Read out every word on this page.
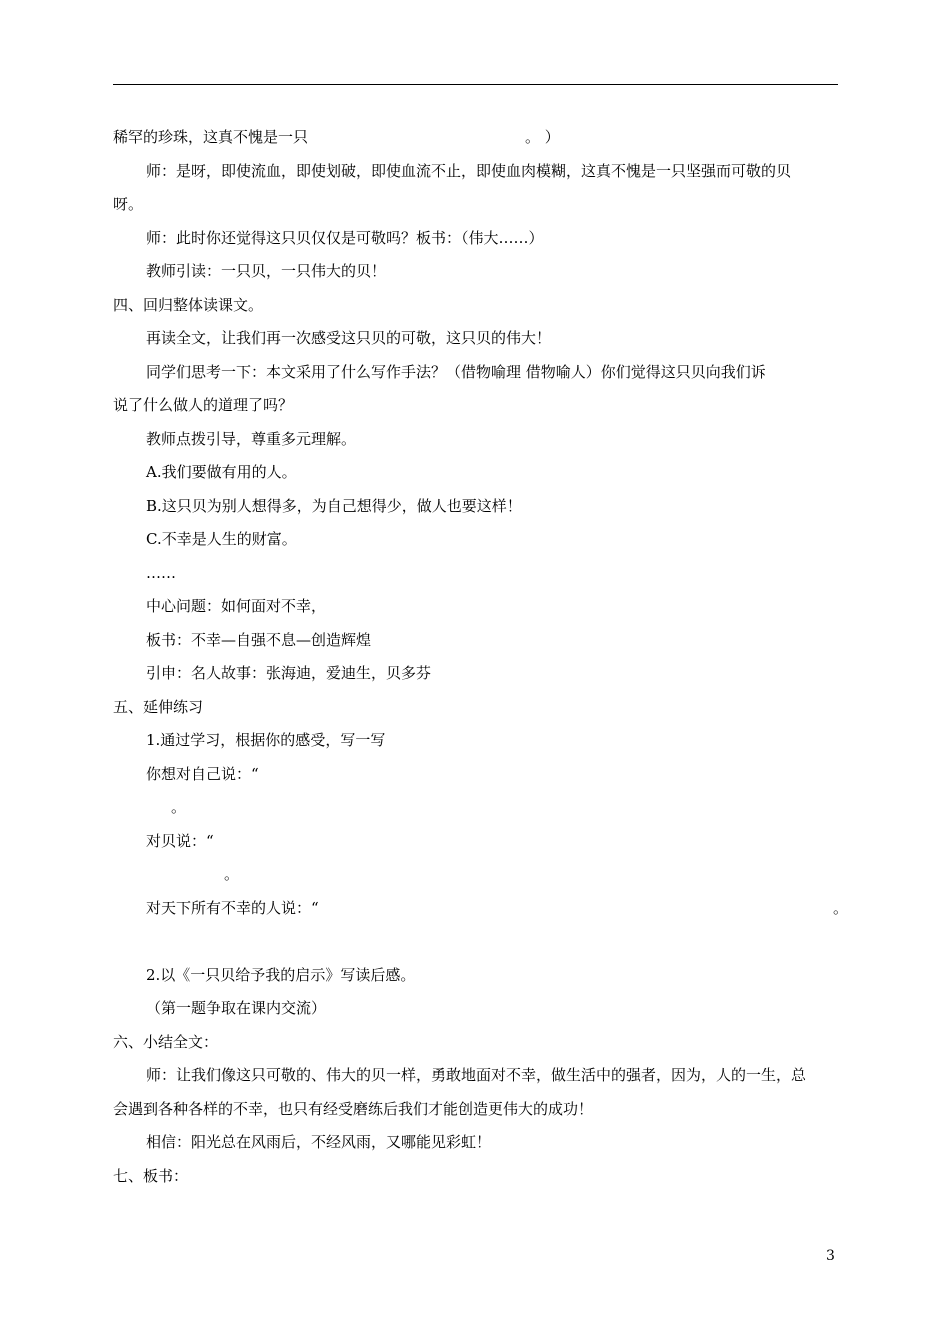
稀罕的珍珠，这真不愧是一只	。 ）
师：是呀，即使流血，即使划破，即使血流不止，即使血肉模糊，这真不愧是一只坚强而可敬的贝
呀。
师：此时你还觉得这只贝仅仅是可敬吗？板书：（伟大……）
教师引读：一只贝，一只伟大的贝！
四、回归整体读课文。
再读全文，让我们再一次感受这只贝的可敬，这只贝的伟大！
同学们思考一下：本文采用了什么写作手法？（借物喻理 借物喻人）你们觉得这只贝向我们诉
说了什么做人的道理了吗？
教师点拨引导，尊重多元理解。
A.我们要做有用的人。
B.这只贝为别人想得多，为自己想得少，做人也要这样！
C.不幸是人生的财富。
……
中心问题：如何面对不幸，
板书：不幸—自强不息—创造辉煌
引申：名人故事：张海迪，爱迪生，贝多芬
五、延伸练习
1.通过学习，根据你的感受，写一写
你想对自己说：“
。
对贝说：“
。
对天下所有不幸的人说：“	。
2.以《一只贝给予我的启示》写读后感。
（第一题争取在课内交流）
六、小结全文：
师：让我们像这只可敬的、伟大的贝一样，勇敢地面对不幸，做生活中的强者，因为，人的一生，总
会遇到各种各样的不幸，也只有经受磨练后我们才能创造更伟大的成功！
相信：阳光总在风雨后，不经风雨，又哪能见彩虹！
七、板书：
3
